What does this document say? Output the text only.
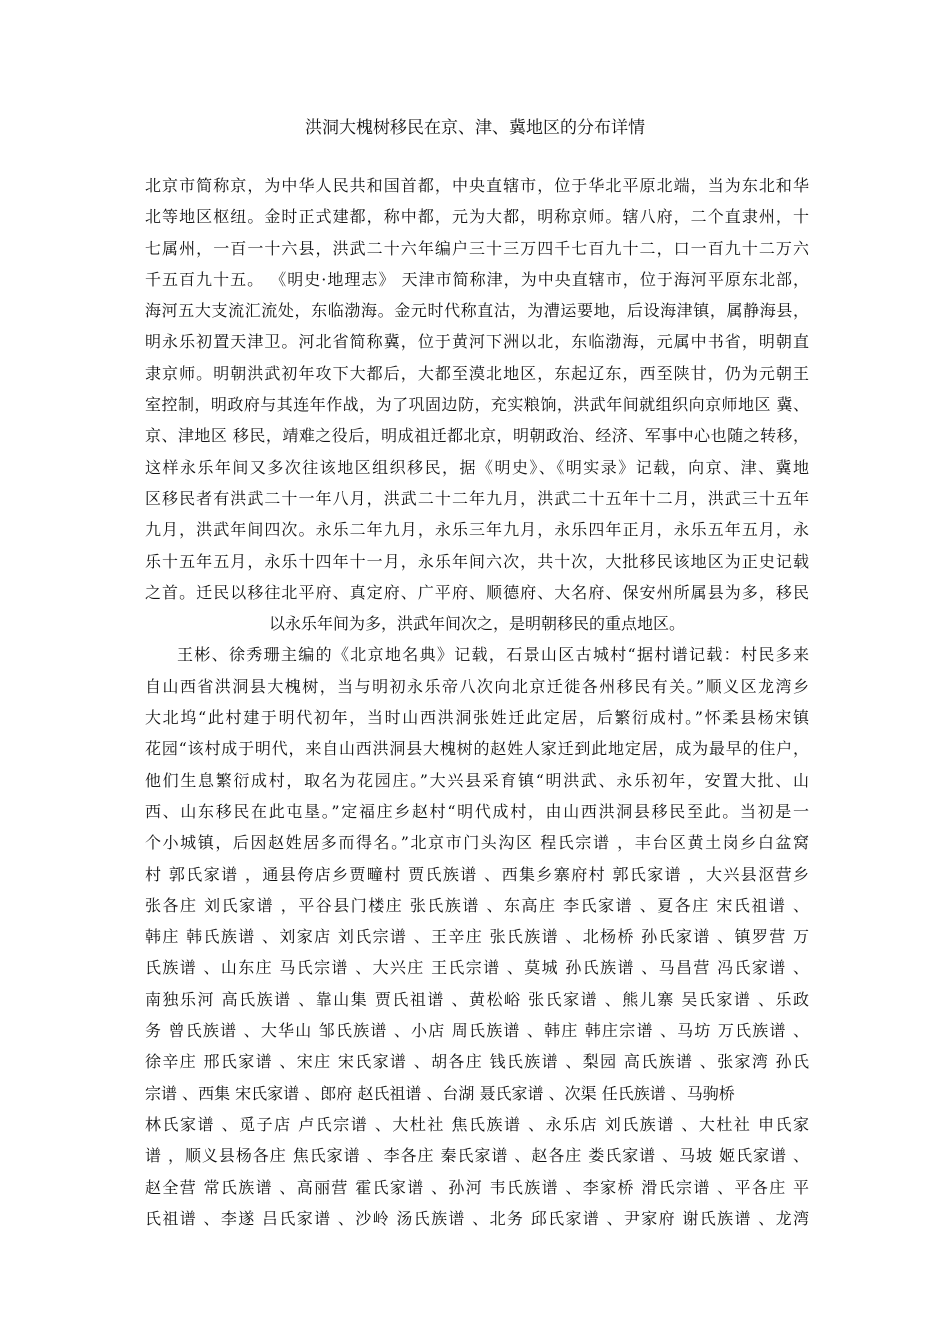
洪洞大槐树移民在京、津、冀地区的分布详情
北京市简称京，为中华人民共和国首都，中央直辖市，位于华北平原北端，当为东北和华
北等地区枢纽。金时正式建都，称中都，元为大都，明称京师。辖八府，二个直隶州，十
七属州，一百一十六县，洪武二十六年编户三十三万四千七百九十二，口一百九十二万六
千五百九十五。 《明史·地理志》 天津市简称津，为中央直辖市，位于海河平原东北部，
海河五大支流汇流处，东临渤海。金元时代称直沽，为漕运要地，后设海津镇，属静海县，
明永乐初置天津卫。河北省简称冀，位于黄河下洲以北，东临渤海，元属中书省，明朝直
隶京师。明朝洪武初年攻下大都后，大都至漠北地区，东起辽东，西至陕甘，仍为元朝王
室控制，明政府与其连年作战，为了巩固边防，充实粮饷，洪武年间就组织向京师地区 冀、
京、津地区 移民，靖难之役后，明成祖迁都北京，明朝政治、经济、军事中心也随之转移，
这样永乐年间又多次往该地区组织移民，据《明史》、《明实录》记载，向京、津、冀地
区移民者有洪武二十一年八月，洪武二十二年九月，洪武二十五年十二月，洪武三十五年
九月，洪武年间四次。永乐二年九月，永乐三年九月，永乐四年正月，永乐五年五月，永
乐十五年五月，永乐十四年十一月，永乐年间六次，共十次，大批移民该地区为正史记载
之首。迁民以移往北平府、真定府、广平府、顺德府、大名府、保安州所属县为多，移民
以永乐年间为多，洪武年间次之，是明朝移民的重点地区。
王彬、徐秀珊主编的《北京地名典》记载，石景山区古城村“据村谱记载：村民多来
自山西省洪洞县大槐树，当与明初永乐帝八次向北京迁徙各州移民有关。”顺义区龙湾乡
大北坞“此村建于明代初年，当时山西洪洞张姓迁此定居，后繁衍成村。”怀柔县杨宋镇
花园“该村成于明代，来自山西洪洞县大槐树的赵姓人家迁到此地定居，成为最早的住户，
他们生息繁衍成村，取名为花园庄。”大兴县采育镇“明洪武、永乐初年，安置大批、山
西、山东移民在此屯垦。”定福庄乡赵村“明代成村，由山西洪洞县移民至此。当初是一
个小城镇，后因赵姓居多而得名。”北京市门头沟区 程氏宗谱 ，丰台区黄土岗乡白盆窝
村 郭氏家谱 ，通县侉店乡贾疃村 贾氏族谱 、西集乡寨府村 郭氏家谱 ，大兴县沤营乡
张各庄 刘氏家谱 ，平谷县门楼庄 张氏族谱 、东高庄 李氏家谱 、夏各庄 宋氏祖谱 、
韩庄 韩氏族谱 、刘家店 刘氏宗谱 、王辛庄 张氏族谱 、北杨桥 孙氏家谱 、镇罗营 万
氏族谱 、山东庄 马氏宗谱 、大兴庄 王氏宗谱 、莫城 孙氏族谱 、马昌营 冯氏家谱 、
南独乐河 高氏族谱 、靠山集 贾氏祖谱 、黄松峪 张氏家谱 、熊儿寨 吴氏家谱 、乐政
务 曾氏族谱 、大华山 邹氏族谱 、小店 周氏族谱 、韩庄 韩庄宗谱 、马坊 万氏族谱 、
徐辛庄 邢氏家谱 、宋庄 宋氏家谱 、胡各庄 钱氏族谱 、梨园 高氏族谱 、张家湾 孙氏
宗谱 、西集 宋氏家谱 、郎府 赵氏祖谱 、台湖 聂氏家谱 、次渠 任氏族谱 、马驹桥
林氏家谱 、觅子店 卢氏宗谱 、大杜社 焦氏族谱 、永乐店 刘氏族谱 、大杜社 申氏家
谱 ，顺义县杨各庄 焦氏家谱 、李各庄 秦氏家谱 、赵各庄 娄氏家谱 、马坡 姬氏家谱 、
赵全营 常氏族谱 、高丽营 霍氏家谱 、孙河 韦氏族谱 、李家桥 滑氏宗谱 、平各庄 平
氏祖谱 、李遂 吕氏家谱 、沙岭 汤氏族谱 、北务 邱氏家谱 、尹家府 谢氏族谱 、龙湾
